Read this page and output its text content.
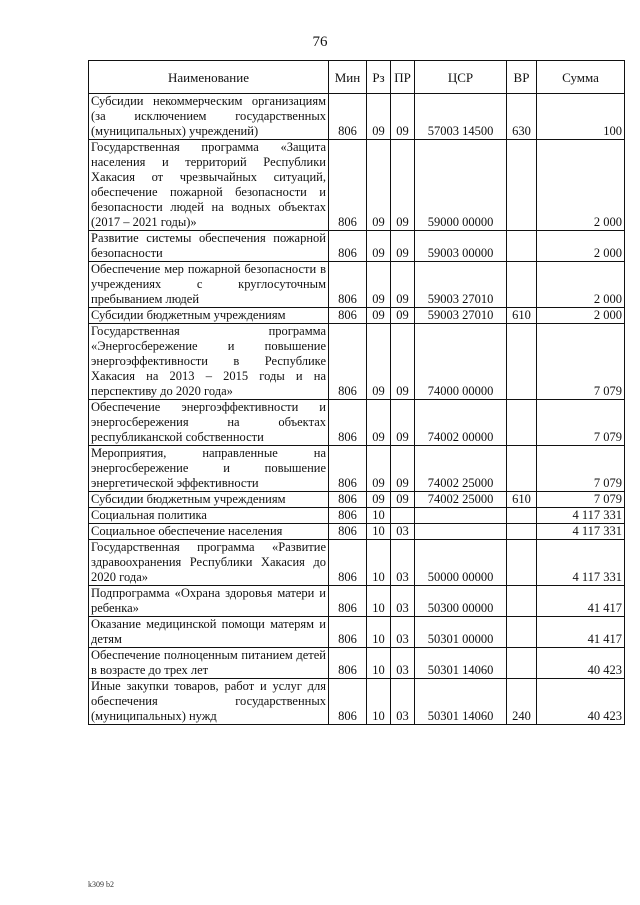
76
Наименование	Мин	Рз	ПР	ЦСР	ВР	Сумма
Субсидии некоммерческим организациям (за исключением государственных (муниципальных) учреждений)	806	09	09	57003 14500	630	100
Государственная программа «Защита населения и территорий Республики Хакасия от чрезвычайных ситуаций, обеспечение пожарной безопасности и безопасности людей на водных объектах (2017 – 2021 годы)»	806	09	09	59000 00000		2 000
Развитие системы обеспечения пожарной безопасности	806	09	09	59003 00000		2 000
Обеспечение мер пожарной безопасности в учреждениях с круглосуточным пребыванием людей	806	09	09	59003 27010		2 000
Субсидии бюджетным учреждениям	806	09	09	59003 27010	610	2 000
Государственная программа «Энергосбережение и повышение энергоэффективности в Республике Хакасия на 2013 – 2015 годы и на перспективу до 2020 года»	806	09	09	74000 00000		7 079
Обеспечение энергоэффективности и энергосбережения на объектах республиканской собственности	806	09	09	74002 00000		7 079
Мероприятия, направленные на энергосбережение и повышение энергетической эффективности	806	09	09	74002 25000		7 079
Субсидии бюджетным учреждениям	806	09	09	74002 25000	610	7 079
Социальная политика	806	10				4 117 331
Социальное обеспечение населения	806	10	03			4 117 331
Государственная программа «Развитие здравоохранения Республики Хакасия до 2020 года»	806	10	03	50000 00000		4 117 331
Подпрограмма «Охрана здоровья матери и ребенка»	806	10	03	50300 00000		41 417
Оказание медицинской помощи матерям и детям	806	10	03	50301 00000		41 417
Обеспечение полноценным питанием детей в возрасте до трех лет	806	10	03	50301 14060		40 423
Иные закупки товаров, работ и услуг для обеспечения государственных (муниципальных) нужд	806	10	03	50301 14060	240	40 423
k309 b2
